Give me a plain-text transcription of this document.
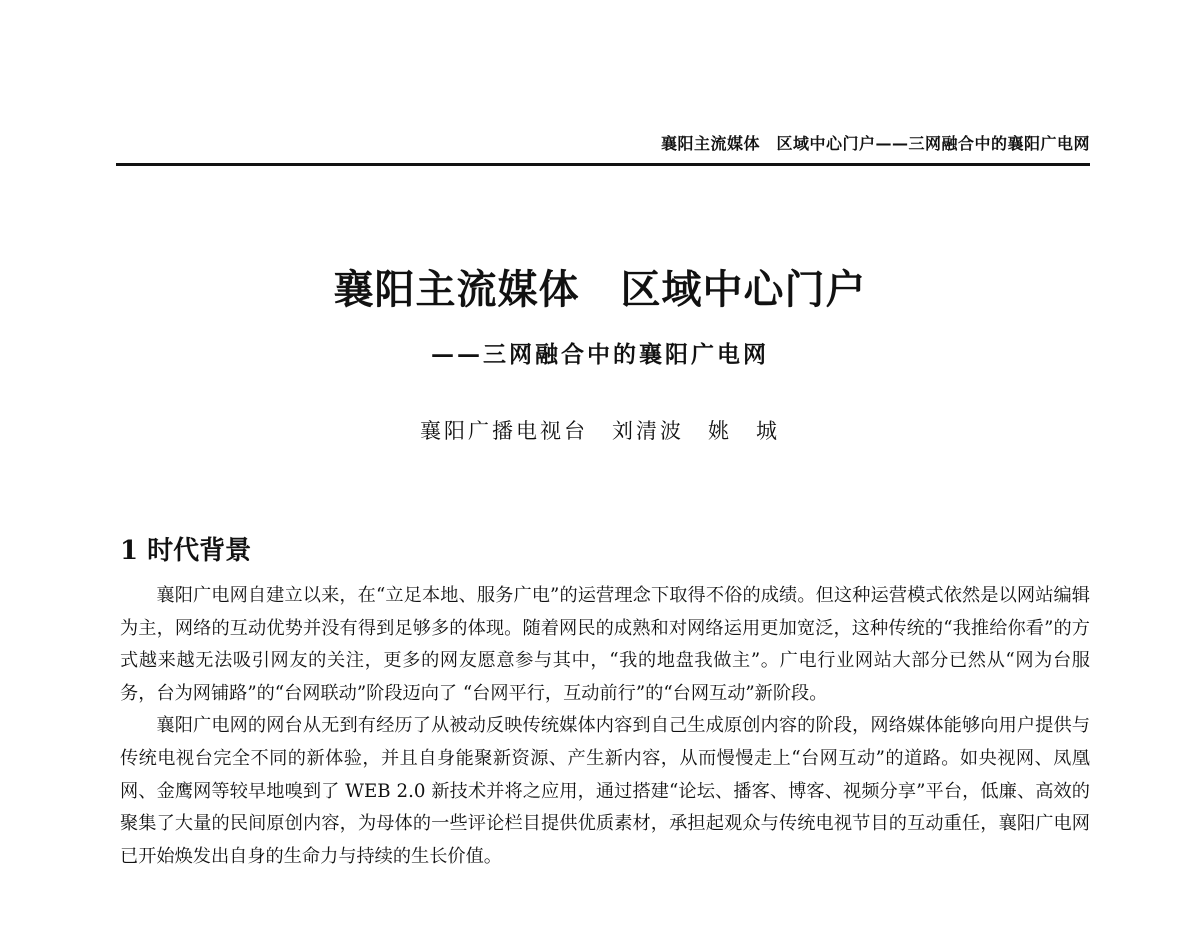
襄阳主流媒体　区域中心门户——三网融合中的襄阳广电网
襄阳主流媒体　区域中心门户
——三网融合中的襄阳广电网
襄阳广播电视台　刘清波　姚　城
1 时代背景

襄阳广电网自建立以来，在“立足本地、服务广电”的运营理念下取得不俗的成绩。但这种运营模式依然是以网站编辑为主，网络的互动优势并没有得到足够多的体现。随着网民的成熟和对网络运用更加宽泛，这种传统的“我推给你看”的方式越来越无法吸引网友的关注，更多的网友愿意参与其中，“我的地盘我做主”。广电行业网站大部分已然从“网为台服务，台为网铺路”的“台网联动”阶段迈向了 “台网平行，互动前行”的“台网互动”新阶段。

襄阳广电网的网台从无到有经历了从被动反映传统媒体内容到自己生成原创内容的阶段，网络媒体能够向用户提供与传统电视台完全不同的新体验，并且自身能聚新资源、产生新内容，从而慢慢走上“台网互动”的道路。如央视网、凤凰网、金鹰网等较早地嗅到了 WEB 2.0 新技术并将之应用，通过搭建“论坛、播客、博客、视频分享”平台，低廉、高效的聚集了大量的民间原创内容，为母体的一些评论栏目提供优质素材，承担起观众与传统电视节目的互动重任，襄阳广电网已开始焕发出自身的生命力与持续的生长价值。
